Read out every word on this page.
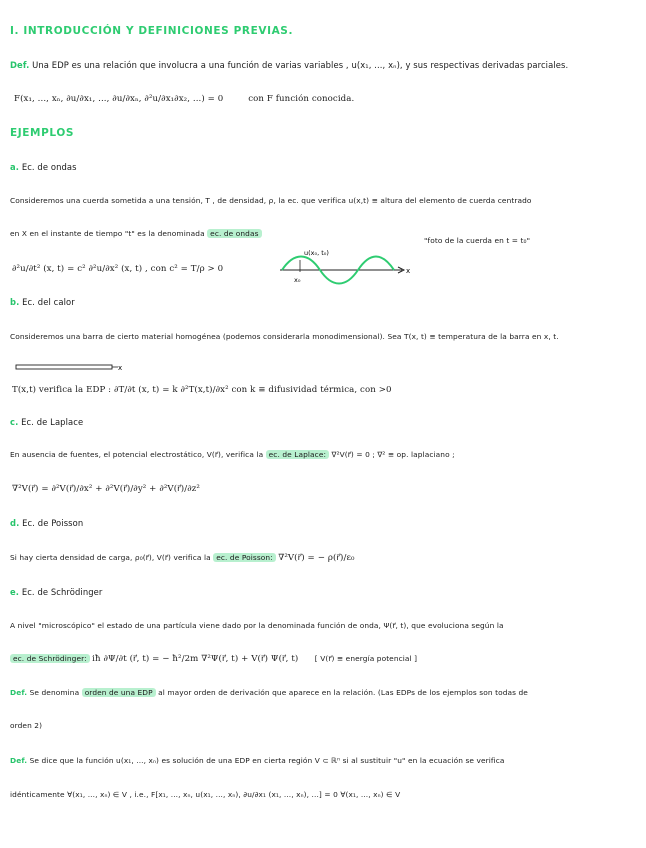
I. INTRODUCCIÓN Y DEFINICIONES PREVIAS.
Def. Una EDP es una relación que involucra a una función de varias variables , u(x₁, ..., xₙ), y sus respectivas derivadas parciales.
F(x₁, ..., xₙ, ∂u/∂x₁, ..., ∂u/∂xₙ, ∂²u/∂x₁∂x₂, ...) = 0	con F función conocida.
EJEMPLOS
a. Ec. de ondas
Consideremos una cuerda sometida a una tensión, T , de densidad, ρ, la ec. que verifica u(x,t) ≡ altura del elemento de cuerda centrado
en X en el instante de tiempo "t" es la denominada ec. de ondas
"foto de la cuerda en t = t₀"
∂²u/∂t² (x, t) = c² ∂²u/∂x² (x, t) , con c² = T/ρ > 0
u(x₀, t₀)
x₀
x
b. Ec. del calor
Consideremos una barra de cierto material homogénea (podemos considerarla monodimensional). Sea T(x, t) ≡ temperatura de la barra en x, t.
x
T(x,t) verifica la EDP : ∂T/∂t (x, t) = k ∂²T(x,t)/∂x² con k ≡ difusividad térmica, con >0
c. Ec. de Laplace
En ausencia de fuentes, el potencial electrostático, V(r⃗), verifica la ec. de Laplace: ∇²V(r⃗) = 0 ; ∇² ≡ op. laplaciano ;
∇²V(r⃗) = ∂²V(r⃗)/∂x² + ∂²V(r⃗)/∂y² + ∂²V(r⃗)/∂z²
d. Ec. de Poisson
Si hay cierta densidad de carga, ρ₀(r⃗), V(r⃗) verifica la ec. de Poisson: ∇²V(r⃗) = − ρ(r⃗)/ε₀
e. Ec. de Schrödinger
A nivel "microscópico" el estado de una partícula viene dado por la denominada función de onda, Ψ(r⃗, t), que evoluciona según la
ec. de Schrödinger: iħ ∂Ψ/∂t (r⃗, t) = − ħ²/2m ∇²Ψ(r⃗, t) + V(r⃗) Ψ(r⃗, t) [ V(r⃗) ≡ energía potencial ]
Def. Se denomina orden de una EDP al mayor orden de derivación que aparece en la relación. (Las EDPs de los ejemplos son todas de
orden 2)
Def. Se dice que la función u(x₁, ..., xₙ) es solución de una EDP en cierta región V ⊂ ℝⁿ si al sustituir "u" en la ecuación se verifica
idénticamente ∀(x₁, ..., xₙ) ∈ V , i.e., F[x₁, ..., xₙ, u(x₁, ..., xₙ), ∂u/∂x₁ (x₁, ..., xₙ), ...] = 0 ∀(x₁, ..., xₙ) ∈ V
